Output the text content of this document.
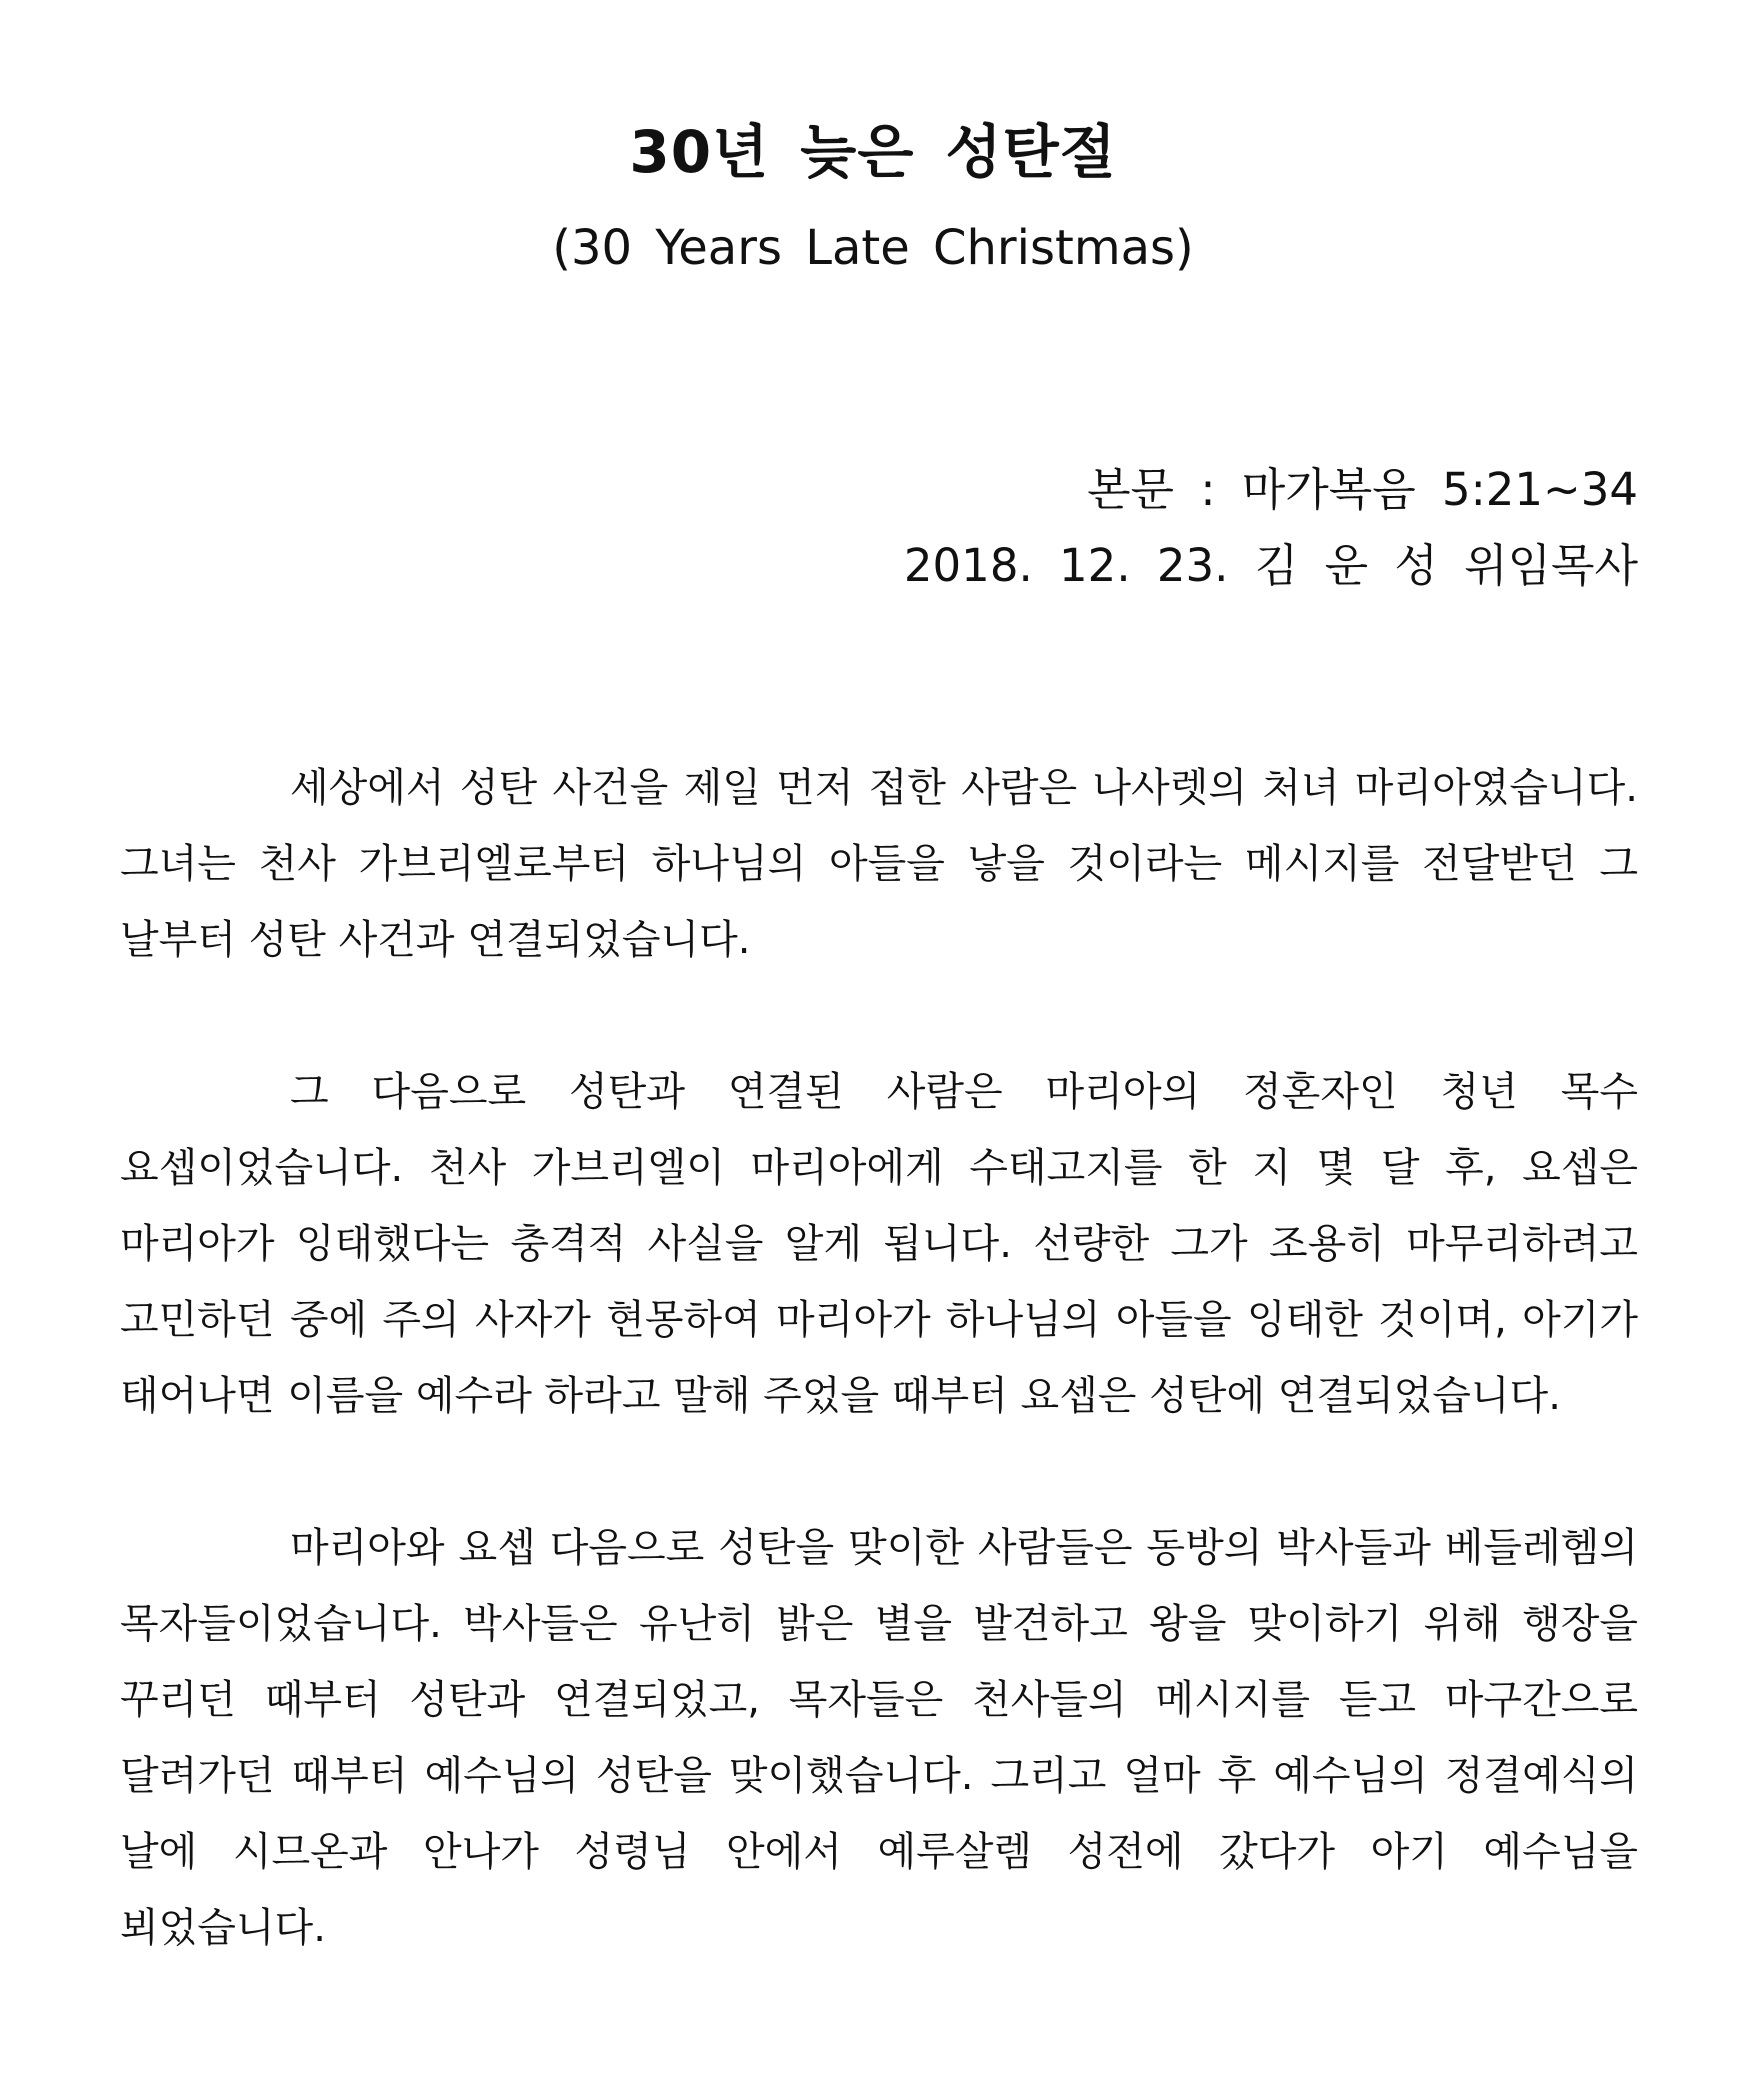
30년 늦은 성탄절
(30 Years Late Christmas)
본문 : 마가복음 5:21~34
2018. 12. 23. 김 운 성 위임목사

세상에서 성탄 사건을 제일 먼저 접한 사람은 나사렛의 처녀 마리아였습니다. 그녀는 천사 가브리엘로부터 하나님의 아들을 낳을 것이라는 메시지를 전달받던 그 날부터 성탄 사건과 연결되었습니다.

그 다음으로 성탄과 연결된 사람은 마리아의 정혼자인 청년 목수 요셉이었습니다. 천사 가브리엘이 마리아에게 수태고지를 한 지 몇 달 후, 요셉은 마리아가 잉태했다는 충격적 사실을 알게 됩니다. 선량한 그가 조용히 마무리하려고 고민하던 중에 주의 사자가 현몽하여 마리아가 하나님의 아들을 잉태한 것이며, 아기가 태어나면 이름을 예수라 하라고 말해 주었을 때부터 요셉은 성탄에 연결되었습니다.

마리아와 요셉 다음으로 성탄을 맞이한 사람들은 동방의 박사들과 베들레헴의 목자들이었습니다. 박사들은 유난히 밝은 별을 발견하고 왕을 맞이하기 위해 행장을 꾸리던 때부터 성탄과 연결되었고, 목자들은 천사들의 메시지를 듣고 마구간으로 달려가던 때부터 예수님의 성탄을 맞이했습니다. 그리고 얼마 후 예수님의 정결예식의 날에 시므온과 안나가 성령님 안에서 예루살렘 성전에 갔다가 아기 예수님을 뵈었습니다.
